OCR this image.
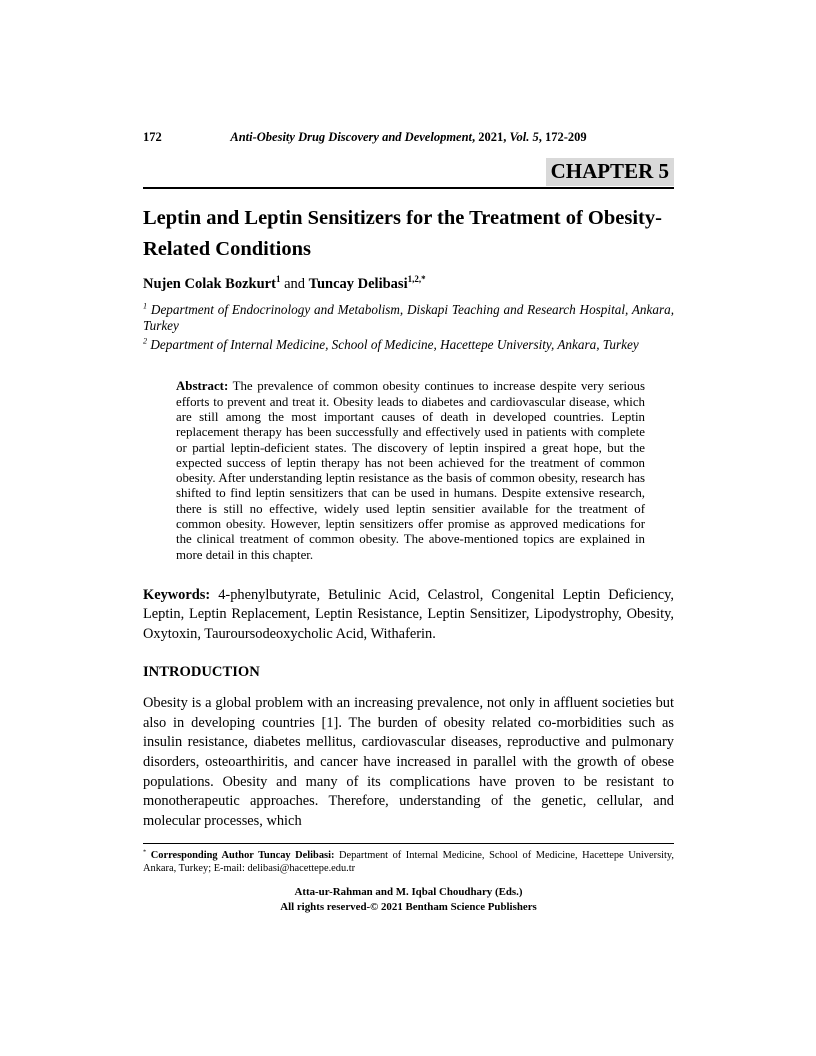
172	Anti-Obesity Drug Discovery and Development, 2021, Vol. 5, 172-209
CHAPTER 5
Leptin and Leptin Sensitizers for the Treatment of Obesity-Related Conditions
Nujen Colak Bozkurt$^1$ and Tuncay Delibasi$^{1,2,*}$
$^1$ Department of Endocrinology and Metabolism, Diskapi Teaching and Research Hospital, Ankara, Turkey
$^2$ Department of Internal Medicine, School of Medicine, Hacettepe University, Ankara, Turkey

Abstract: The prevalence of common obesity continues to increase despite very serious efforts to prevent and treat it. Obesity leads to diabetes and cardiovascular disease, which are still among the most important causes of death in developed countries. Leptin replacement therapy has been successfully and effectively used in patients with complete or partial leptin-deficient states. The discovery of leptin inspired a great hope, but the expected success of leptin therapy has not been achieved for the treatment of common obesity. After understanding leptin resistance as the basis of common obesity, research has shifted to find leptin sensitizers that can be used in humans. Despite extensive research, there is still no effective, widely used leptin sensitier available for the treatment of common obesity. However, leptin sensitizers offer promise as approved medications for the clinical treatment of common obesity. The above-mentioned topics are explained in more detail in this chapter.

Keywords: 4-phenylbutyrate, Betulinic Acid, Celastrol, Congenital Leptin Deficiency, Leptin, Leptin Replacement, Leptin Resistance, Leptin Sensitizer, Lipodystrophy, Obesity, Oxytoxin, Tauroursodeoxycholic Acid, Withaferin.

INTRODUCTION

Obesity is a global problem with an increasing prevalence, not only in affluent societies but also in developing countries [1]. The burden of obesity related co-morbidities such as insulin resistance, diabetes mellitus, cardiovascular diseases, reproductive and pulmonary disorders, osteoarthiritis, and cancer have increased in parallel with the growth of obese populations. Obesity and many of its complications have proven to be resistant to monotherapeutic approaches. Therefore, understanding of the genetic, cellular, and molecular processes, which

* Corresponding Author Tuncay Delibasi: Department of Internal Medicine, School of Medicine, Hacettepe University, Ankara, Turkey; E-mail: delibasi@hacettepe.edu.tr

Atta-ur-Rahman and M. Iqbal Choudhary (Eds.)
All rights reserved-© 2021 Bentham Science Publishers
